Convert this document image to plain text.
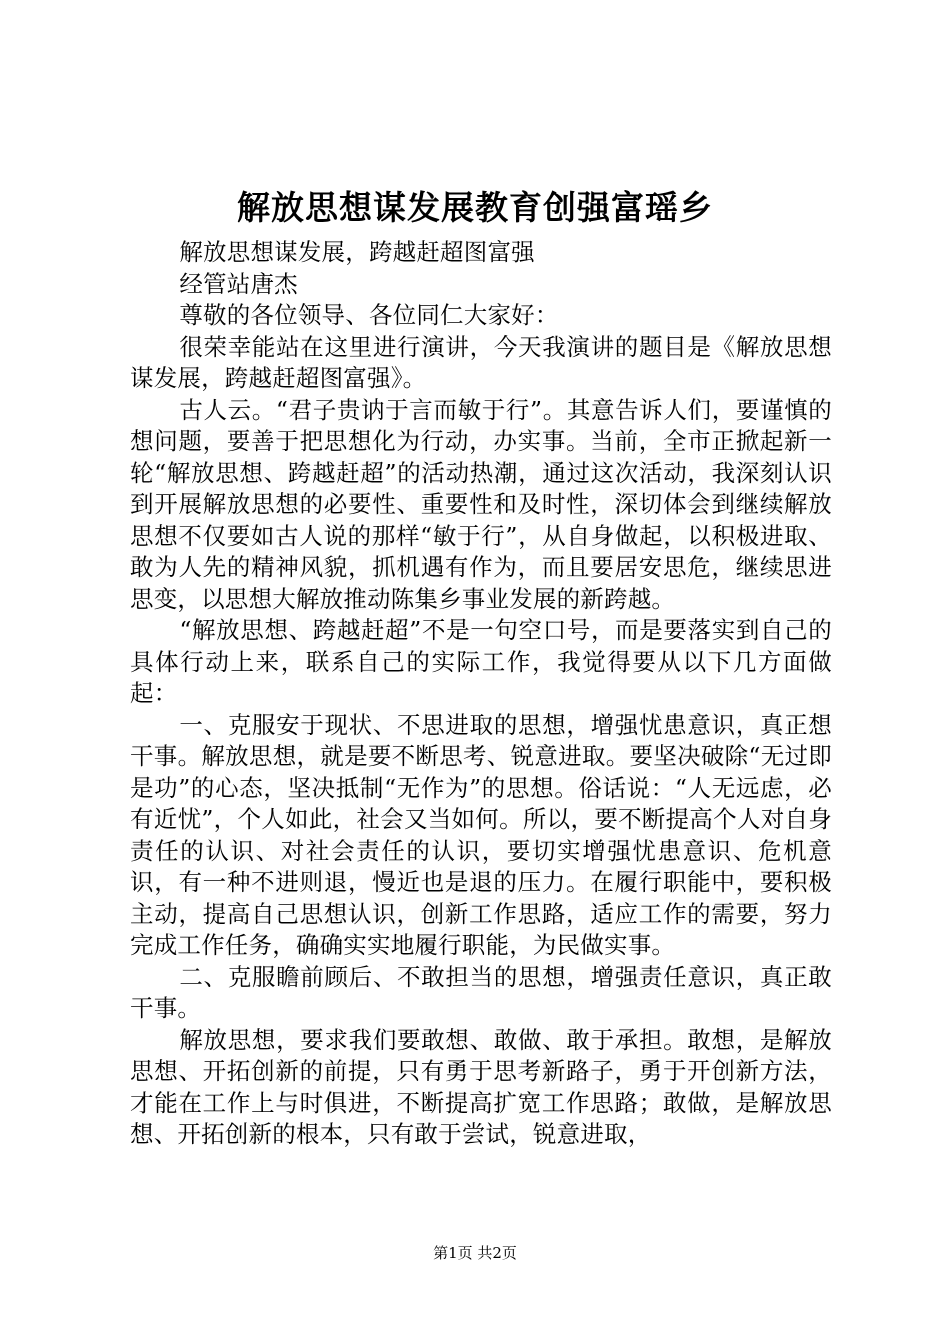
解放思想谋发展教育创强富瑶乡

解放思想谋发展，跨越赶超图富强

经管站唐杰

尊敬的各位领导、各位同仁大家好：

很荣幸能站在这里进行演讲，今天我演讲的题目是《解放思想谋发展，跨越赶超图富强》。

古人云。“君子贵讷于言而敏于行”。其意告诉人们，要谨慎的想问题，要善于把思想化为行动，办实事。当前，全市正掀起新一轮“解放思想、跨越赶超”的活动热潮，通过这次活动，我深刻认识到开展解放思想的必要性、重要性和及时性，深切体会到继续解放思想不仅要如古人说的那样“敏于行”，从自身做起，以积极进取、敢为人先的精神风貌，抓机遇有作为，而且要居安思危，继续思进思变，以思想大解放推动陈集乡事业发展的新跨越。

“解放思想、跨越赶超”不是一句空口号，而是要落实到自己的具体行动上来，联系自己的实际工作，我觉得要从以下几方面做起：

一、克服安于现状、不思进取的思想，增强忧患意识，真正想干事。解放思想，就是要不断思考、锐意进取。要坚决破除“无过即是功”的心态，坚决抵制“无作为”的思想。俗话说：“人无远虑，必有近忧”，个人如此，社会又当如何。所以，要不断提高个人对自身责任的认识、对社会责任的认识，要切实增强忧患意识、危机意识，有一种不进则退，慢近也是退的压力。在履行职能中，要积极主动，提高自己思想认识，创新工作思路，适应工作的需要，努力完成工作任务，确确实实地履行职能，为民做实事。

二、克服瞻前顾后、不敢担当的思想，增强责任意识，真正敢干事。

解放思想，要求我们要敢想、敢做、敢于承担。敢想，是解放思想、开拓创新的前提，只有勇于思考新路子，勇于开创新方法，才能在工作上与时俱进，不断提高扩宽工作思路；敢做，是解放思想、开拓创新的根本，只有敢于尝试，锐意进取，

第1页 共2页
